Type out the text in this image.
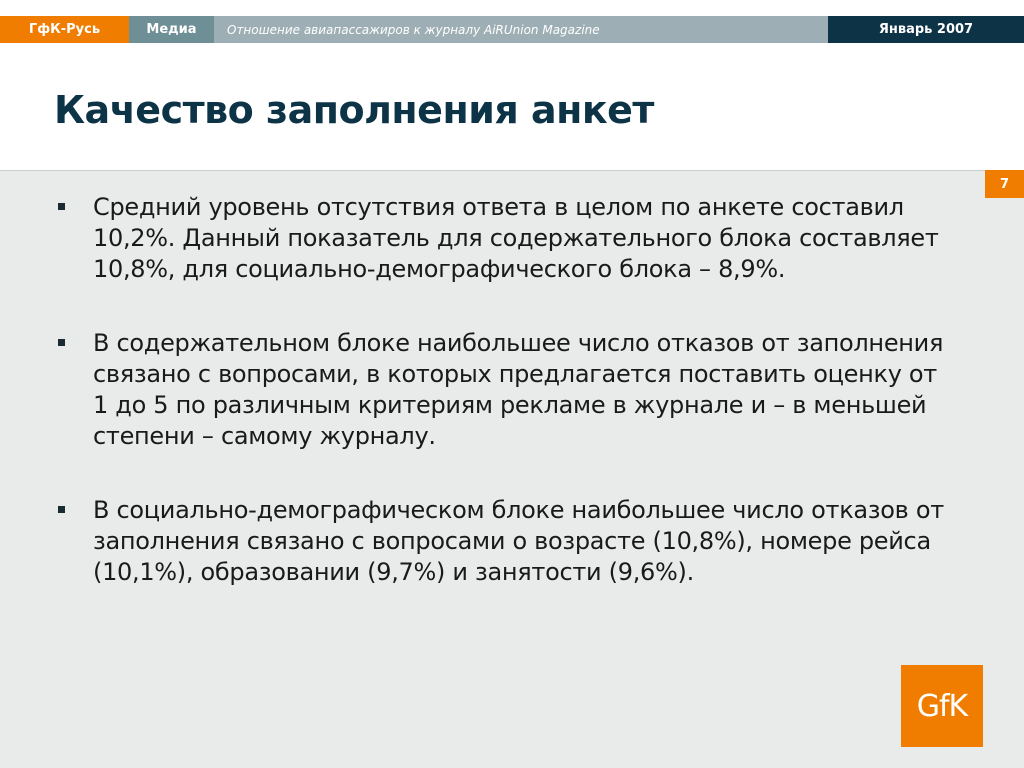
ГфК-Русь	Медиа	Отношение авиапассажиров к журналу AiRUnion Magazine	Январь 2007
Качество заполнения анкет
7
Средний уровень отсутствия ответа в целом по анкете составил 10,2%. Данный показатель для содержательного блока составляет 10,8%, для социально-демографического блока – 8,9%.
В содержательном блоке наибольшее число отказов от заполнения связано с вопросами, в которых предлагается поставить оценку от 1 до 5 по различным критериям рекламе в журнале и – в меньшей степени – самому журналу.
В социально-демографическом блоке наибольшее число отказов от заполнения связано с вопросами о возрасте (10,8%), номере рейса (10,1%), образовании (9,7%) и занятости (9,6%).
GfK
